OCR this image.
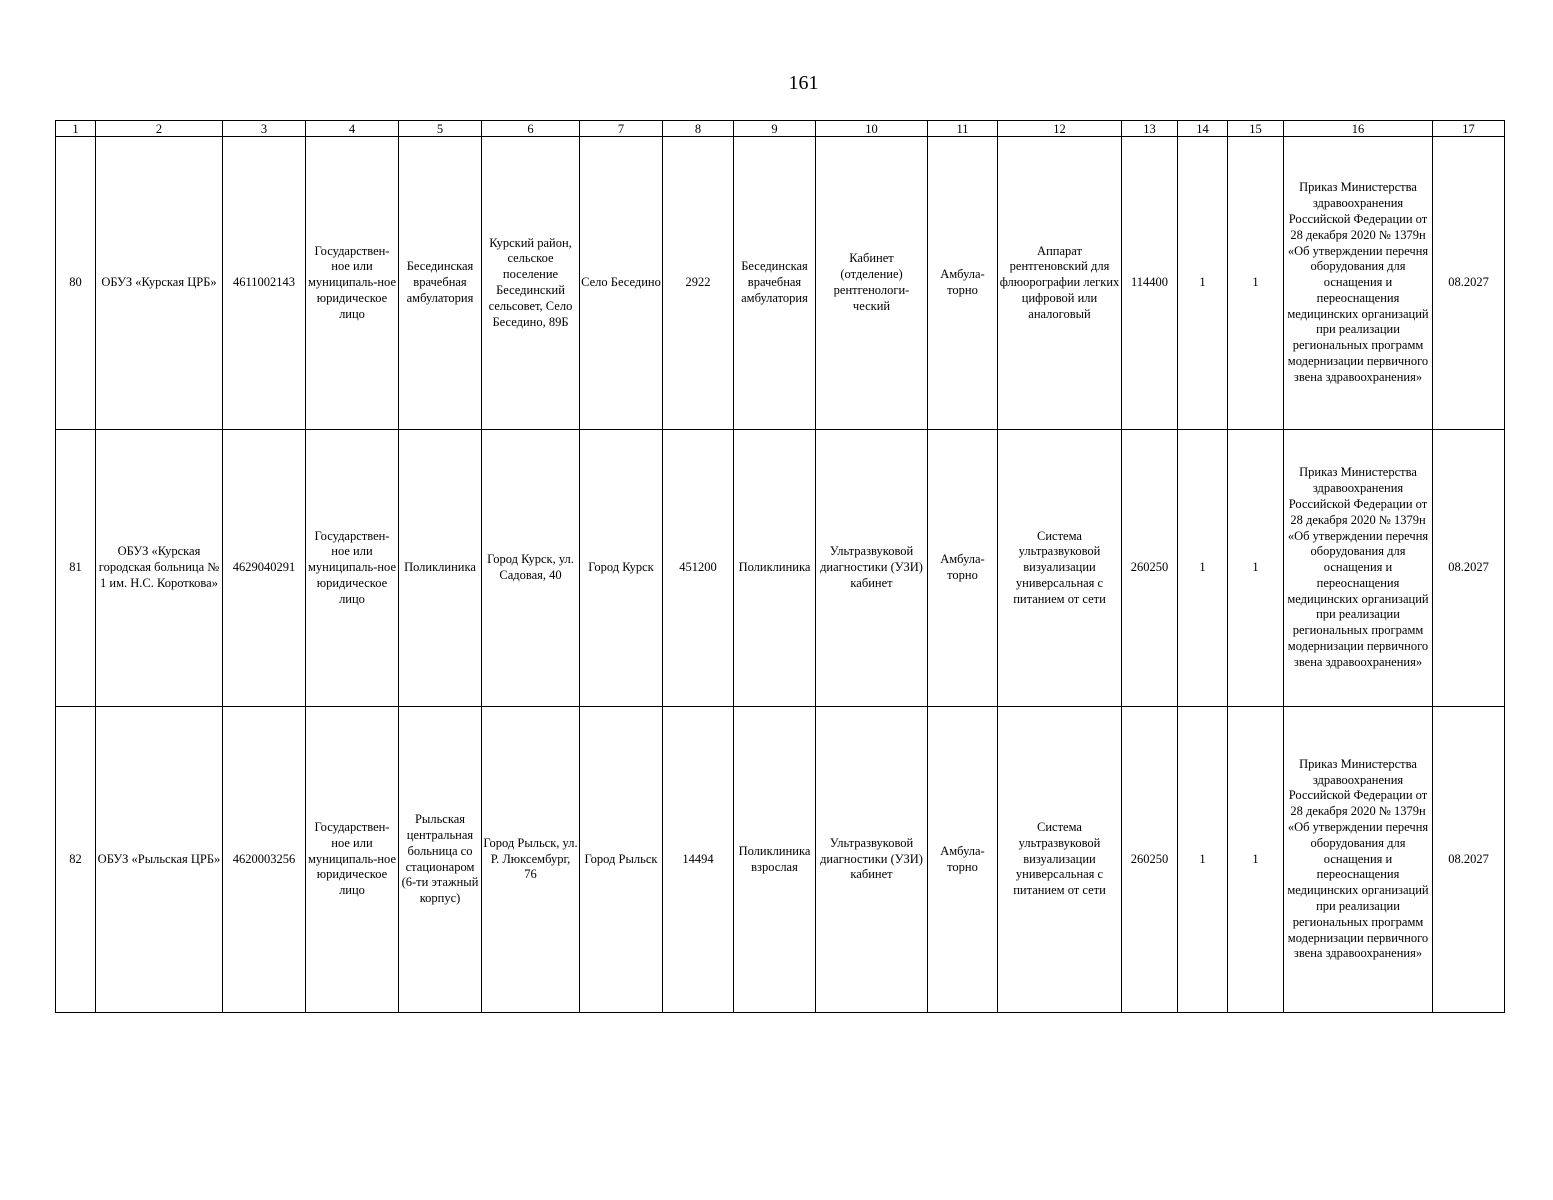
161
1	2	3	4	5	6	7	8	9	10	11	12	13	14	15	16	17
80	ОБУЗ «Курская ЦРБ»	4611002143	Государствен-ное или муниципаль-ное юридическое лицо	Бесединская врачебная амбулатория	Курский район, сельское поселение Бесединский сельсовет, Село Беседино, 89Б	Село Беседино	2922	Бесединская врачебная амбулатория	Кабинет (отделение) рентгенологи-ческий	Амбула-торно	Аппарат рентгеновский для флюорографии легких цифровой или аналоговый	114400	1	1	Приказ Министерства здравоохранения Российской Федерации от 28 декабря 2020 № 1379н «Об утверждении перечня оборудования для оснащения и переоснащения медицинских организаций при реализации региональных программ модернизации первичного звена здравоохранения»	08.2027
81	ОБУЗ «Курская городская больница № 1 им. Н.С. Короткова»	4629040291	Государствен-ное или муниципаль-ное юридическое лицо	Поликлиника	Город Курск, ул. Садовая, 40	Город Курск	451200	Поликлиника	Ультразвуковой диагностики (УЗИ) кабинет	Амбула-торно	Система ультразвуковой визуализации универсальная с питанием от сети	260250	1	1	Приказ Министерства здравоохранения Российской Федерации от 28 декабря 2020 № 1379н «Об утверждении перечня оборудования для оснащения и переоснащения медицинских организаций при реализации региональных программ модернизации первичного звена здравоохранения»	08.2027
82	ОБУЗ «Рыльская ЦРБ»	4620003256	Государствен-ное или муниципаль-ное юридическое лицо	Рыльская центральная больница со стационаром (6-ти этажный корпус)	Город Рыльск, ул. Р. Люксембург, 76	Город Рыльск	14494	Поликлиника взрослая	Ультразвуковой диагностики (УЗИ) кабинет	Амбула-торно	Система ультразвуковой визуализации универсальная с питанием от сети	260250	1	1	Приказ Министерства здравоохранения Российской Федерации от 28 декабря 2020 № 1379н «Об утверждении перечня оборудования для оснащения и переоснащения медицинских организаций при реализации региональных программ модернизации первичного звена здравоохранения»	08.2027
